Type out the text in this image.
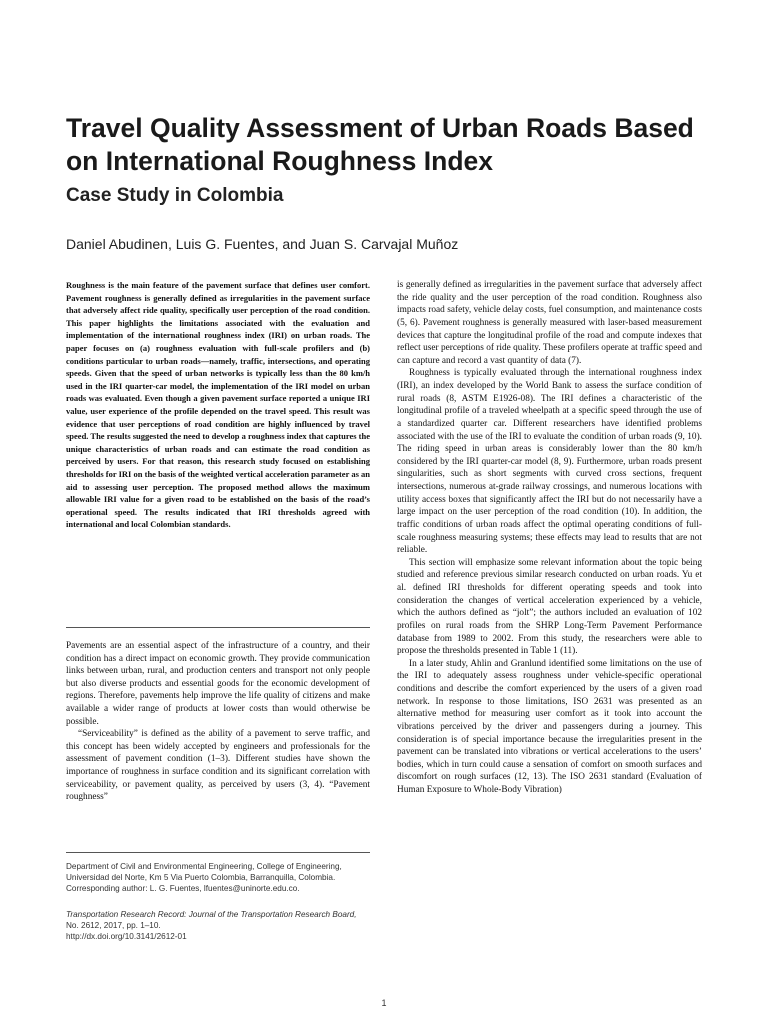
Travel Quality Assessment of Urban Roads Based on International Roughness Index
Case Study in Colombia
Daniel Abudinen, Luis G. Fuentes, and Juan S. Carvajal Muñoz

Roughness is the main feature of the pavement surface that defines user comfort. Pavement roughness is generally defined as irregularities in the pavement surface that adversely affect ride quality, specifically user perception of the road condition. This paper highlights the limitations associated with the evaluation and implementation of the international roughness index (IRI) on urban roads. The paper focuses on (a) roughness evaluation with full-scale profilers and (b) conditions particular to urban roads—namely, traffic, intersections, and operating speeds. Given that the speed of urban networks is typically less than the 80 km/h used in the IRI quarter-car model, the implementation of the IRI model on urban roads was evaluated. Even though a given pavement surface reported a unique IRI value, user experience of the profile depended on the travel speed. This result was evidence that user perceptions of road condition are highly influenced by travel speed. The results suggested the need to develop a roughness index that captures the unique characteristics of urban roads and can estimate the road condition as perceived by users. For that reason, this research study focused on establishing thresholds for IRI on the basis of the weighted vertical acceleration parameter as an aid to assessing user perception. The proposed method allows the maximum allowable IRI value for a given road to be established on the basis of the road’s operational speed. The results indicated that IRI thresholds agreed with international and local Colombian standards.

Pavements are an essential aspect of the infrastructure of a country, and their condition has a direct impact on economic growth. They provide communication links between urban, rural, and production centers and transport not only people but also diverse products and essential goods for the economic development of regions. Therefore, pavements help improve the life quality of citizens and make available a wider range of products at lower costs than would otherwise be possible.

“Serviceability” is defined as the ability of a pavement to serve traffic, and this concept has been widely accepted by engineers and professionals for the assessment of pavement condition (1–3). Different studies have shown the importance of roughness in surface condition and its significant correlation with serviceability, or pavement quality, as perceived by users (3, 4). “Pavement roughness”

Department of Civil and Environmental Engineering, College of Engineering, Universidad del Norte, Km 5 Via Puerto Colombia, Barranquilla, Colombia.

Corresponding author: L. G. Fuentes, lfuentes@uninorte.edu.co.

Transportation Research Record: Journal of the Transportation Research Board,

No. 2612, 2017, pp. 1–10.

http://dx.doi.org/10.3141/2612-01

is generally defined as irregularities in the pavement surface that adversely affect the ride quality and the user perception of the road condition. Roughness also impacts road safety, vehicle delay costs, fuel consumption, and maintenance costs (5, 6). Pavement roughness is generally measured with laser-based measurement devices that capture the longitudinal profile of the road and compute indexes that reflect user perceptions of ride quality. These profilers operate at traffic speed and can capture and record a vast quantity of data (7).

Roughness is typically evaluated through the international roughness index (IRI), an index developed by the World Bank to assess the surface condition of rural roads (8, ASTM E1926-08). The IRI defines a characteristic of the longitudinal profile of a traveled wheelpath at a specific speed through the use of a standardized quarter car. Different researchers have identified problems associated with the use of the IRI to evaluate the condition of urban roads (9, 10). The riding speed in urban areas is considerably lower than the 80 km/h considered by the IRI quarter-car model (8, 9). Furthermore, urban roads present singularities, such as short segments with curved cross sections, frequent intersections, numerous at-grade railway crossings, and numerous locations with utility access boxes that significantly affect the IRI but do not necessarily have a large impact on the user perception of the road condition (10). In addition, the traffic conditions of urban roads affect the optimal operating conditions of full-scale roughness measuring systems; these effects may lead to results that are not reliable.

This section will emphasize some relevant information about the topic being studied and reference previous similar research conducted on urban roads. Yu et al. defined IRI thresholds for different operating speeds and took into consideration the changes of vertical acceleration experienced by a vehicle, which the authors defined as “jolt”; the authors included an evaluation of 102 profiles on rural roads from the SHRP Long-Term Pavement Performance database from 1989 to 2002. From this study, the researchers were able to propose the thresholds presented in Table 1 (11).

In a later study, Ahlin and Granlund identified some limitations on the use of the IRI to adequately assess roughness under vehicle-specific operational conditions and describe the comfort experienced by the users of a given road network. In response to those limitations, ISO 2631 was presented as an alternative method for measuring user comfort as it took into account the vibrations perceived by the driver and passengers during a journey. This consideration is of special importance because the irregularities present in the pavement can be translated into vibrations or vertical accelerations to the users’ bodies, which in turn could cause a sensation of comfort on smooth surfaces and discomfort on rough surfaces (12, 13). The ISO 2631 standard (Evaluation of Human Exposure to Whole-Body Vibration)

1
